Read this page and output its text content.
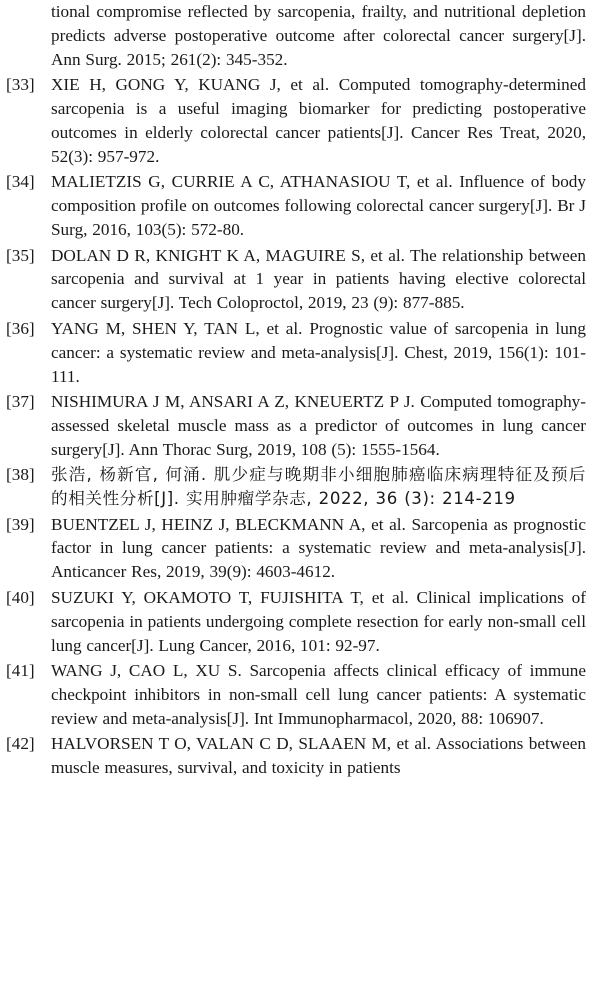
tional compromise reflected by sarcopenia, frailty, and nutritional depletion predicts adverse postoperative outcome after colorectal cancer surgery[J]. Ann Surg. 2015; 261(2): 345-352.
[33] XIE H, GONG Y, KUANG J, et al. Computed tomography-determined sarcopenia is a useful imaging biomarker for predicting postoperative outcomes in elderly colorectal cancer patients[J]. Cancer Res Treat, 2020, 52(3): 957-972.
[34] MALIETZIS G, CURRIE A C, ATHANASIOU T, et al. Influence of body composition profile on outcomes following colorectal cancer surgery[J]. Br J Surg, 2016, 103(5): 572-80.
[35] DOLAN D R, KNIGHT K A, MAGUIRE S, et al. The relationship between sarcopenia and survival at 1 year in patients having elective colorectal cancer surgery[J]. Tech Coloproctol, 2019, 23 (9): 877-885.
[36] YANG M, SHEN Y, TAN L, et al. Prognostic value of sarcopenia in lung cancer: a systematic review and meta-analysis[J]. Chest, 2019, 156(1): 101-111.
[37] NISHIMURA J M, ANSARI A Z, KNEUERTZ P J. Computed tomography-assessed skeletal muscle mass as a predictor of outcomes in lung cancer surgery[J]. Ann Thorac Surg, 2019, 108 (5): 1555-1564.
[38] 张浩, 杨新官, 何涌. 肌少症与晚期非小细胞肺癌临床病理特征及预后的相关性分析[J]. 实用肿瘤学杂志, 2022, 36 (3): 214-219
[39] BUENTZEL J, HEINZ J, BLECKMANN A, et al. Sarcopenia as prognostic factor in lung cancer patients: a systematic review and meta-analysis[J]. Anticancer Res, 2019, 39(9): 4603-4612.
[40] SUZUKI Y, OKAMOTO T, FUJISHITA T, et al. Clinical implications of sarcopenia in patients undergoing complete resection for early non-small cell lung cancer[J]. Lung Cancer, 2016, 101: 92-97.
[41] WANG J, CAO L, XU S. Sarcopenia affects clinical efficacy of immune checkpoint inhibitors in non-small cell lung cancer patients: A systematic review and meta-analysis[J]. Int Immunopharmacol, 2020, 88: 106907.
[42] HALVORSEN T O, VALAN C D, SLAAEN M, et al. Associations between muscle measures, survival, and toxicity in patients
